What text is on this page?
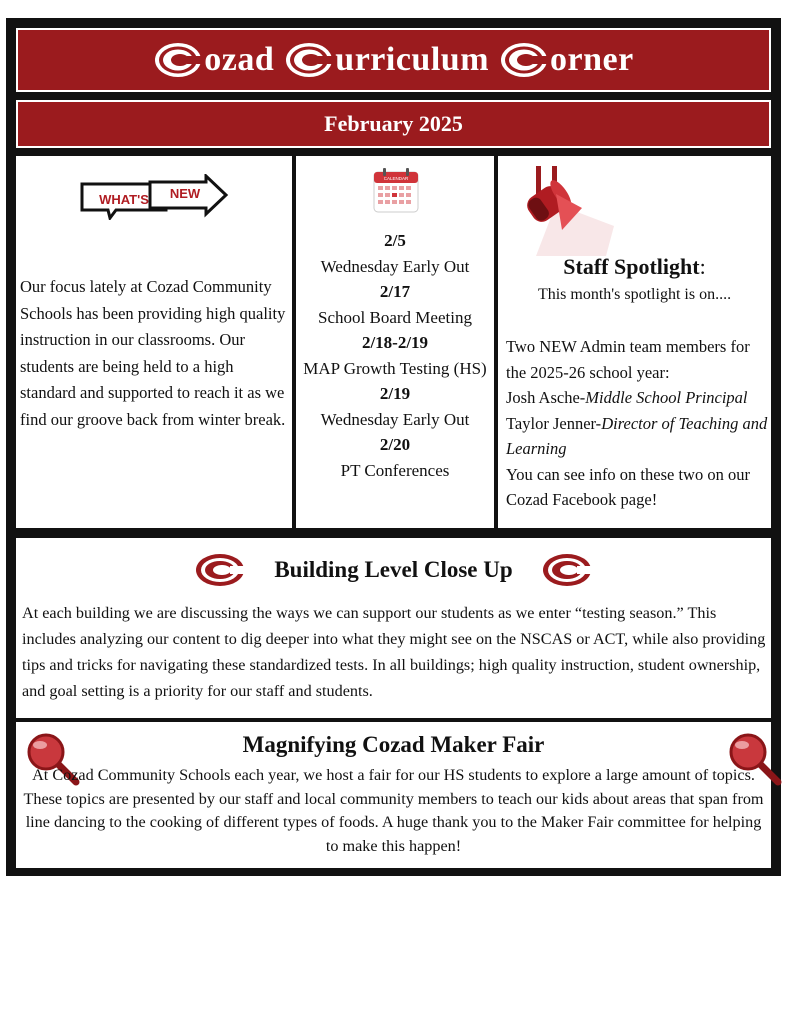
ozad urriculum orner
February 2025
WHAT'S NEW
Our focus lately at Cozad Community Schools has been providing high quality instruction in our classrooms. Our students are being held to a high standard and supported to reach it as we find our groove back from winter break.
CALENDAR
2/5
Wednesday Early Out
2/17
School Board Meeting
2/18-2/19
MAP Growth Testing (HS)
2/19
Wednesday Early Out
2/20
PT Conferences
Staff Spotlight:
This month's spotlight is on....
Two NEW Admin team members for the 2025-26 school year:
Josh Asche-Middle School Principal
Taylor Jenner-Director of Teaching and Learning
You can see info on these two on our Cozad Facebook page!
Building Level Close Up
At each building we are discussing the ways we can support our students as we enter “testing season.” This includes analyzing our content to dig deeper into what they might see on the NSCAS or ACT, while also providing tips and tricks for navigating these standardized tests. In all buildings; high quality instruction, student ownership, and goal setting is a priority for our staff and students.
Magnifying Cozad Maker Fair
At Cozad Community Schools each year, we host a fair for our HS students to explore a large amount of topics. These topics are presented by our staff and local community members to teach our kids about areas that span from line dancing to the cooking of different types of foods. A huge thank you to the Maker Fair committee for helping to make this happen!
